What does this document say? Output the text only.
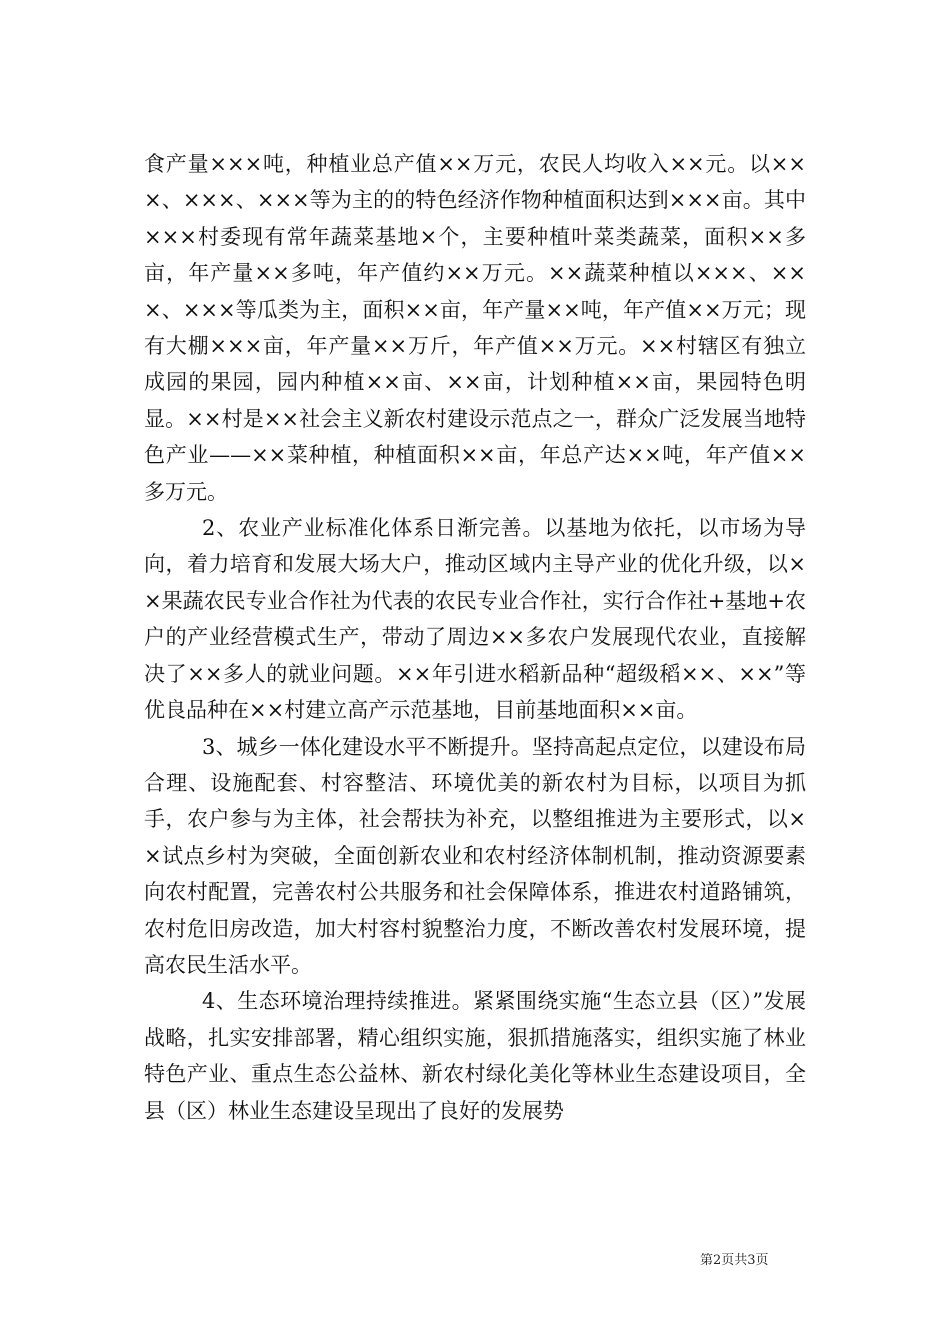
食产量×××吨，种植业总产值××万元，农民人均收入××元。以×××、×××、×××等为主的的特色经济作物种植面积达到×××亩。其中×××村委现有常年蔬菜基地×个，主要种植叶菜类蔬菜，面积××多亩，年产量××多吨，年产值约××万元。××蔬菜种植以×××、×××、×××等瓜类为主，面积××亩，年产量××吨，年产值××万元；现有大棚×××亩，年产量××万斤，年产值××万元。××村辖区有独立成园的果园，园内种植××亩、××亩，计划种植××亩，果园特色明显。××村是××社会主义新农村建设示范点之一，群众广泛发展当地特色产业——××菜种植，种植面积××亩，年总产达××吨，年产值××多万元。

2、农业产业标准化体系日渐完善。以基地为依托，以市场为导向，着力培育和发展大场大户，推动区域内主导产业的优化升级，以××果蔬农民专业合作社为代表的农民专业合作社，实行合作社+基地+农户的产业经营模式生产，带动了周边××多农户发展现代农业，直接解决了××多人的就业问题。××年引进水稻新品种“超级稻××、××”等优良品种在××村建立高产示范基地，目前基地面积××亩。

3、城乡一体化建设水平不断提升。坚持高起点定位，以建设布局合理、设施配套、村容整洁、环境优美的新农村为目标，以项目为抓手，农户参与为主体，社会帮扶为补充，以整组推进为主要形式，以××试点乡村为突破，全面创新农业和农村经济体制机制，推动资源要素向农村配置，完善农村公共服务和社会保障体系，推进农村道路铺筑，农村危旧房改造，加大村容村貌整治力度，不断改善农村发展环境，提高农民生活水平。

4、生态环境治理持续推进。紧紧围绕实施“生态立县（区）”发展战略，扎实安排部署，精心组织实施，狠抓措施落实，组织实施了林业特色产业、重点生态公益林、新农村绿化美化等林业生态建设项目，全县（区）林业生态建设呈现出了良好的发展势

第2页共3页
